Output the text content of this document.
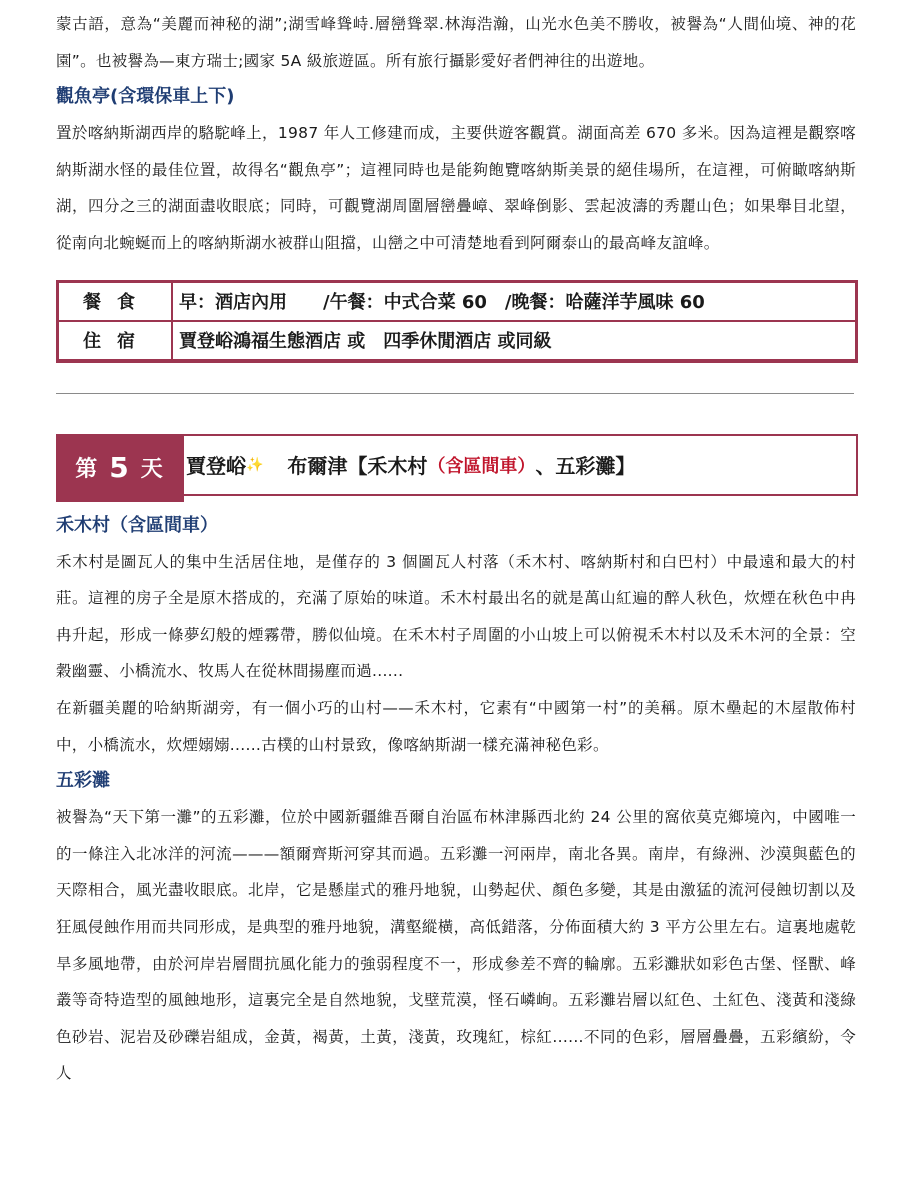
蒙古語，意為“美麗而神秘的湖”;湖雪峰聳峙.層巒聳翠.林海浩瀚，山光水色美不勝收，被譽為“人間仙境、神的花園”。也被譽為—東方瑞士;國家 5A 級旅遊區。所有旅行攝影愛好者們神往的出遊地。

觀魚亭(含環保車上下)

置於喀納斯湖西岸的駱駝峰上，1987 年人工修建而成，主要供遊客觀賞。湖面高差 670 多米。因為這裡是觀察喀納斯湖水怪的最佳位置，故得名“觀魚亭”；這裡同時也是能夠飽覽喀納斯美景的絕佳場所，在這裡，可俯瞰喀納斯湖，四分之三的湖面盡收眼底；同時，可觀覽湖周圍層巒疊嶂、翠峰倒影、雲起波濤的秀麗山色；如果舉目北望，從南向北蜿蜒而上的喀納斯湖水被群山阻擋，山巒之中可清楚地看到阿爾泰山的最高峰友誼峰。

餐食	早：酒店內用　　/午餐：中式合菜 60　/晚餐：哈薩洋芋風味 60
住宿	賈登峪鴻福生態酒店 或　四季休閒酒店 或同級
第 5 天 賈登峪 ✨ 　布爾津【禾木村 （含區間車） 、五彩灘】
禾木村（含區間車）

禾木村是圖瓦人的集中生活居住地，是僅存的 3 個圖瓦人村落（禾木村、喀納斯村和白巴村）中最遠和最大的村莊。這裡的房子全是原木搭成的，充滿了原始的味道。禾木村最出名的就是萬山紅遍的醉人秋色，炊煙在秋色中冉冉升起，形成一條夢幻般的煙霧帶，勝似仙境。在禾木村子周圍的小山坡上可以俯視禾木村以及禾木河的全景：空穀幽靈、小橋流水、牧馬人在從林間揚塵而過......

在新疆美麗的哈納斯湖旁，有一個小巧的山村——禾木村，它素有“中國第一村”的美稱。原木壘起的木屋散佈村中，小橋流水，炊煙嫋嫋......古樸的山村景致，像喀納斯湖一樣充滿神秘色彩。

五彩灘

被譽為“天下第一灘”的五彩灘，位於中國新疆維吾爾自治區布林津縣西北約 24 公里的窩依莫克鄉境內，中國唯一的一條注入北冰洋的河流———額爾齊斯河穿其而過。五彩灘一河兩岸，南北各異。南岸，有綠洲、沙漠與藍色的天際相合，風光盡收眼底。北岸，它是懸崖式的雅丹地貌，山勢起伏、顏色多變，其是由激猛的流河侵蝕切割以及狂風侵蝕作用而共同形成，是典型的雅丹地貌，溝壑縱橫，高低錯落，分佈面積大約 3 平方公里左右。這裏地處乾旱多風地帶，由於河岸岩層間抗風化能力的強弱程度不一，形成參差不齊的輪廓。五彩灘狀如彩色古堡、怪獸、峰叢等奇特造型的風蝕地形，這裏完全是自然地貌，戈壁荒漠，怪石嶙峋。五彩灘岩層以紅色、土紅色、淺黃和淺綠色砂岩、泥岩及砂礫岩組成，金黃，褐黃，土黃，淺黃，玫瑰紅，棕紅......不同的色彩，層層疊疊，五彩繽紛，令人
